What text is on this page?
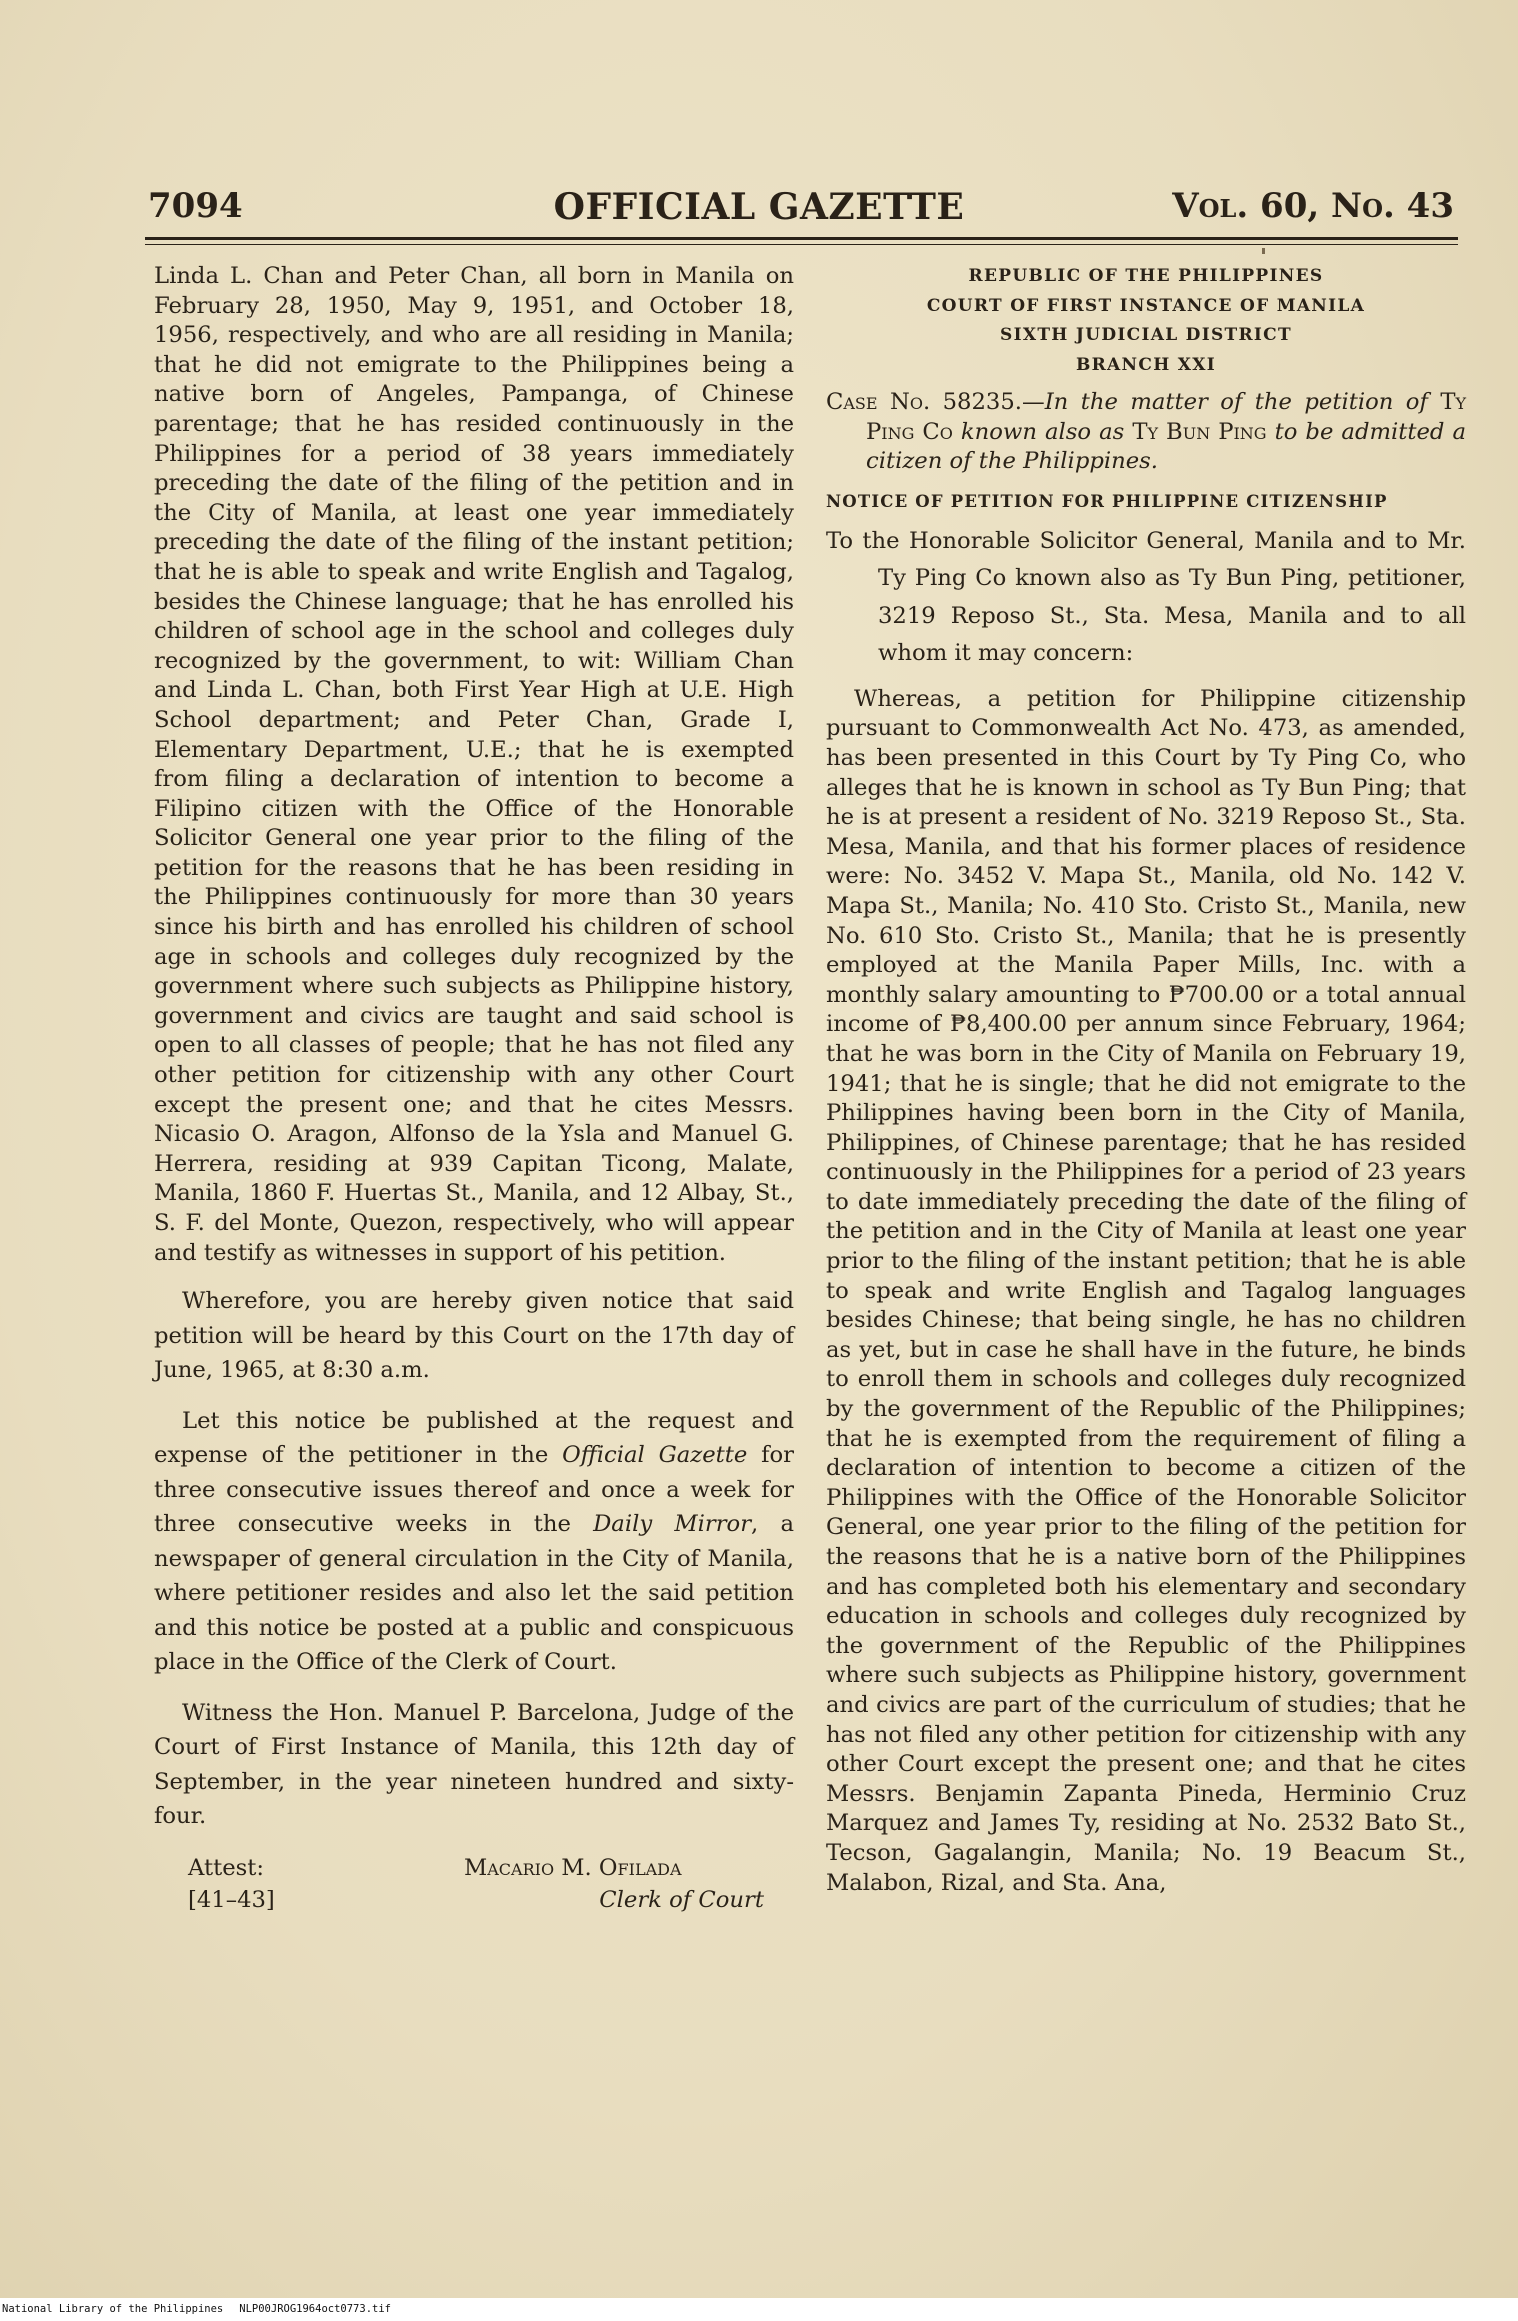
OFFICIAL GAZETTE
7094	Vol. 60, No. 43

Linda L. Chan and Peter Chan, all born in Manila on February 28, 1950, May 9, 1951, and October 18, 1956, respectively, and who are all residing in Manila; that he did not emigrate to the Philippines being a native born of Angeles, Pampanga, of Chinese parentage; that he has resided continuously in the Philippines for a period of 38 years immediately preceding the date of the filing of the petition and in the City of Manila, at least one year immediately preceding the date of the filing of the instant petition; that he is able to speak and write English and Tagalog, besides the Chinese language; that he has enrolled his children of school age in the school and colleges duly recognized by the government, to wit: William Chan and Linda L. Chan, both First Year High at U.E. High School department; and Peter Chan, Grade I, Elementary Department, U.E.; that he is exempted from filing a declaration of intention to become a Filipino citizen with the Office of the Honorable Solicitor General one year prior to the filing of the petition for the reasons that he has been residing in the Philippines continuously for more than 30 years since his birth and has enrolled his children of school age in schools and colleges duly recognized by the government where such subjects as Philippine history, government and civics are taught and said school is open to all classes of people; that he has not filed any other petition for citizenship with any other Court except the present one; and that he cites Messrs. Nicasio O. Aragon, Alfonso de la Ysla and Manuel G. Herrera, residing at 939 Capitan Ticong, Malate, Manila, 1860 F. Huertas St., Manila, and 12 Albay, St., S. F. del Monte, Quezon, respectively, who will appear and testify as witnesses in support of his petition.

Wherefore, you are hereby given notice that said petition will be heard by this Court on the 17th day of June, 1965, at 8:30 a.m.

Let this notice be published at the request and expense of the petitioner in the Official Gazette for three consecutive issues thereof and once a week for three consecutive weeks in the Daily Mirror, a newspaper of general circulation in the City of Manila, where petitioner resides and also let the said petition and this notice be posted at a public and conspicuous place in the Office of the Clerk of Court.

Witness the Hon. Manuel P. Barcelona, Judge of the Court of First Instance of Manila, this 12th day of September, in the year nineteen hundred and sixty-four.

Attest:
[41–43]
Macario M. Ofilada
Clerk of Court
REPUBLIC OF THE PHILIPPINES
COURT OF FIRST INSTANCE OF MANILA
SIXTH JUDICIAL DISTRICT
BRANCH XXI

Case No. 58235.—In the matter of the petition of Ty Ping Co known also as Ty Bun Ping to be admitted a citizen of the Philippines.

NOTICE OF PETITION FOR PHILIPPINE CITIZENSHIP

To the Honorable Solicitor General, Manila and to Mr. Ty Ping Co known also as Ty Bun Ping, petitioner, 3219 Reposo St., Sta. Mesa, Manila and to all whom it may concern:

Whereas, a petition for Philippine citizenship pursuant to Commonwealth Act No. 473, as amended, has been presented in this Court by Ty Ping Co, who alleges that he is known in school as Ty Bun Ping; that he is at present a resident of No. 3219 Reposo St., Sta. Mesa, Manila, and that his former places of residence were: No. 3452 V. Mapa St., Manila, old No. 142 V. Mapa St., Manila; No. 410 Sto. Cristo St., Manila, new No. 610 Sto. Cristo St., Manila; that he is presently employed at the Manila Paper Mills, Inc. with a monthly salary amounting to ₱700.00 or a total annual income of ₱8,400.00 per annum since February, 1964; that he was born in the City of Manila on February 19, 1941; that he is single; that he did not emigrate to the Philippines having been born in the City of Manila, Philippines, of Chinese parentage; that he has resided continuously in the Philippines for a period of 23 years to date immediately preceding the date of the filing of the petition and in the City of Manila at least one year prior to the filing of the instant petition; that he is able to speak and write English and Tagalog languages besides Chinese; that being single, he has no children as yet, but in case he shall have in the future, he binds to enroll them in schools and colleges duly recognized by the government of the Republic of the Philippines; that he is exempted from the requirement of filing a declaration of intention to become a citizen of the Philippines with the Office of the Honorable Solicitor General, one year prior to the filing of the petition for the reasons that he is a native born of the Philippines and has completed both his elementary and secondary education in schools and colleges duly recognized by the government of the Republic of the Philippines where such subjects as Philippine history, government and civics are part of the curriculum of studies; that he has not filed any other petition for citizenship with any other Court except the present one; and that he cites Messrs. Benjamin Zapanta Pineda, Herminio Cruz Marquez and James Ty, residing at No. 2532 Bato St., Tecson, Gagalangin, Manila; No. 19 Beacum St., Malabon, Rizal, and Sta. Ana,

National Library of the Philippines NLP00JROG1964oct0773.tif
